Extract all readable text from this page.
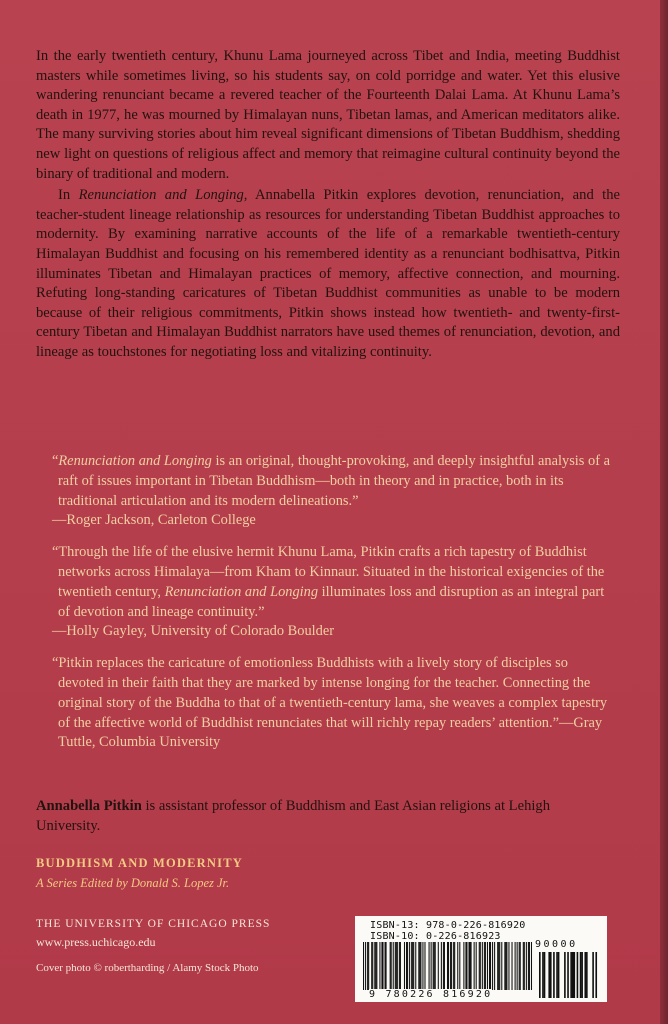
In the early twentieth century, Khunu Lama journeyed across Tibet and India, meeting Buddhist masters while sometimes living, so his students say, on cold porridge and water. Yet this elusive wandering renunciant became a revered teacher of the Fourteenth Dalai Lama. At Khunu Lama’s death in 1977, he was mourned by Himalayan nuns, Tibetan lamas, and American meditators alike. The many surviving stories about him reveal significant dimensions of Tibetan Buddhism, shedding new light on questions of religious affect and memory that reimagine cultural continuity beyond the binary of traditional and modern.

In Renunciation and Longing, Annabella Pitkin explores devotion, renunciation, and the teacher-student lineage relationship as resources for understanding Tibetan Buddhist approaches to modernity. By examining narrative accounts of the life of a remarkable twentieth-century Himalayan Buddhist and focusing on his remembered identity as a renunciant bodhisattva, Pitkin illuminates Tibetan and Himalayan practices of memory, affective connection, and mourning. Refuting long-standing caricatures of Tibetan Buddhist communities as unable to be modern because of their religious commitments, Pitkin shows instead how twentieth- and twenty-first-century Tibetan and Himalayan Buddhist narrators have used themes of renunciation, devotion, and lineage as touchstones for negotiating loss and vitalizing continuity.

“Renunciation and Longing is an original, thought-provoking, and deeply insightful analysis of a raft of issues important in Tibetan Buddhism—both in theory and in practice, both in its traditional articulation and its modern delineations.”

—Roger Jackson, Carleton College

“Through the life of the elusive hermit Khunu Lama, Pitkin crafts a rich tapestry of Buddhist networks across Himalaya—from Kham to Kinnaur. Situated in the historical exigencies of the twentieth century, Renunciation and Longing illuminates loss and disruption as an integral part of devotion and lineage continuity.”

—Holly Gayley, University of Colorado Boulder

“Pitkin replaces the caricature of emotionless Buddhists with a lively story of disciples so devoted in their faith that they are marked by intense longing for the teacher. Connecting the original story of the Buddha to that of a twentieth-century lama, she weaves a complex tapestry of the affective world of Buddhist renunciates that will richly repay readers’ attention.”—Gray Tuttle, Columbia University

Annabella Pitkin is assistant professor of Buddhism and East Asian religions at Lehigh University.
BUDDHISM AND MODERNITY
A Series Edited by Donald S. Lopez Jr.
THE UNIVERSITY OF CHICAGO PRESS
www.press.uchicago.edu
Cover photo © robertharding / Alamy Stock Photo
ISBN-13: 978-0-226-816920
ISBN-10: 0-226-816923
90000
9 780226 816920
